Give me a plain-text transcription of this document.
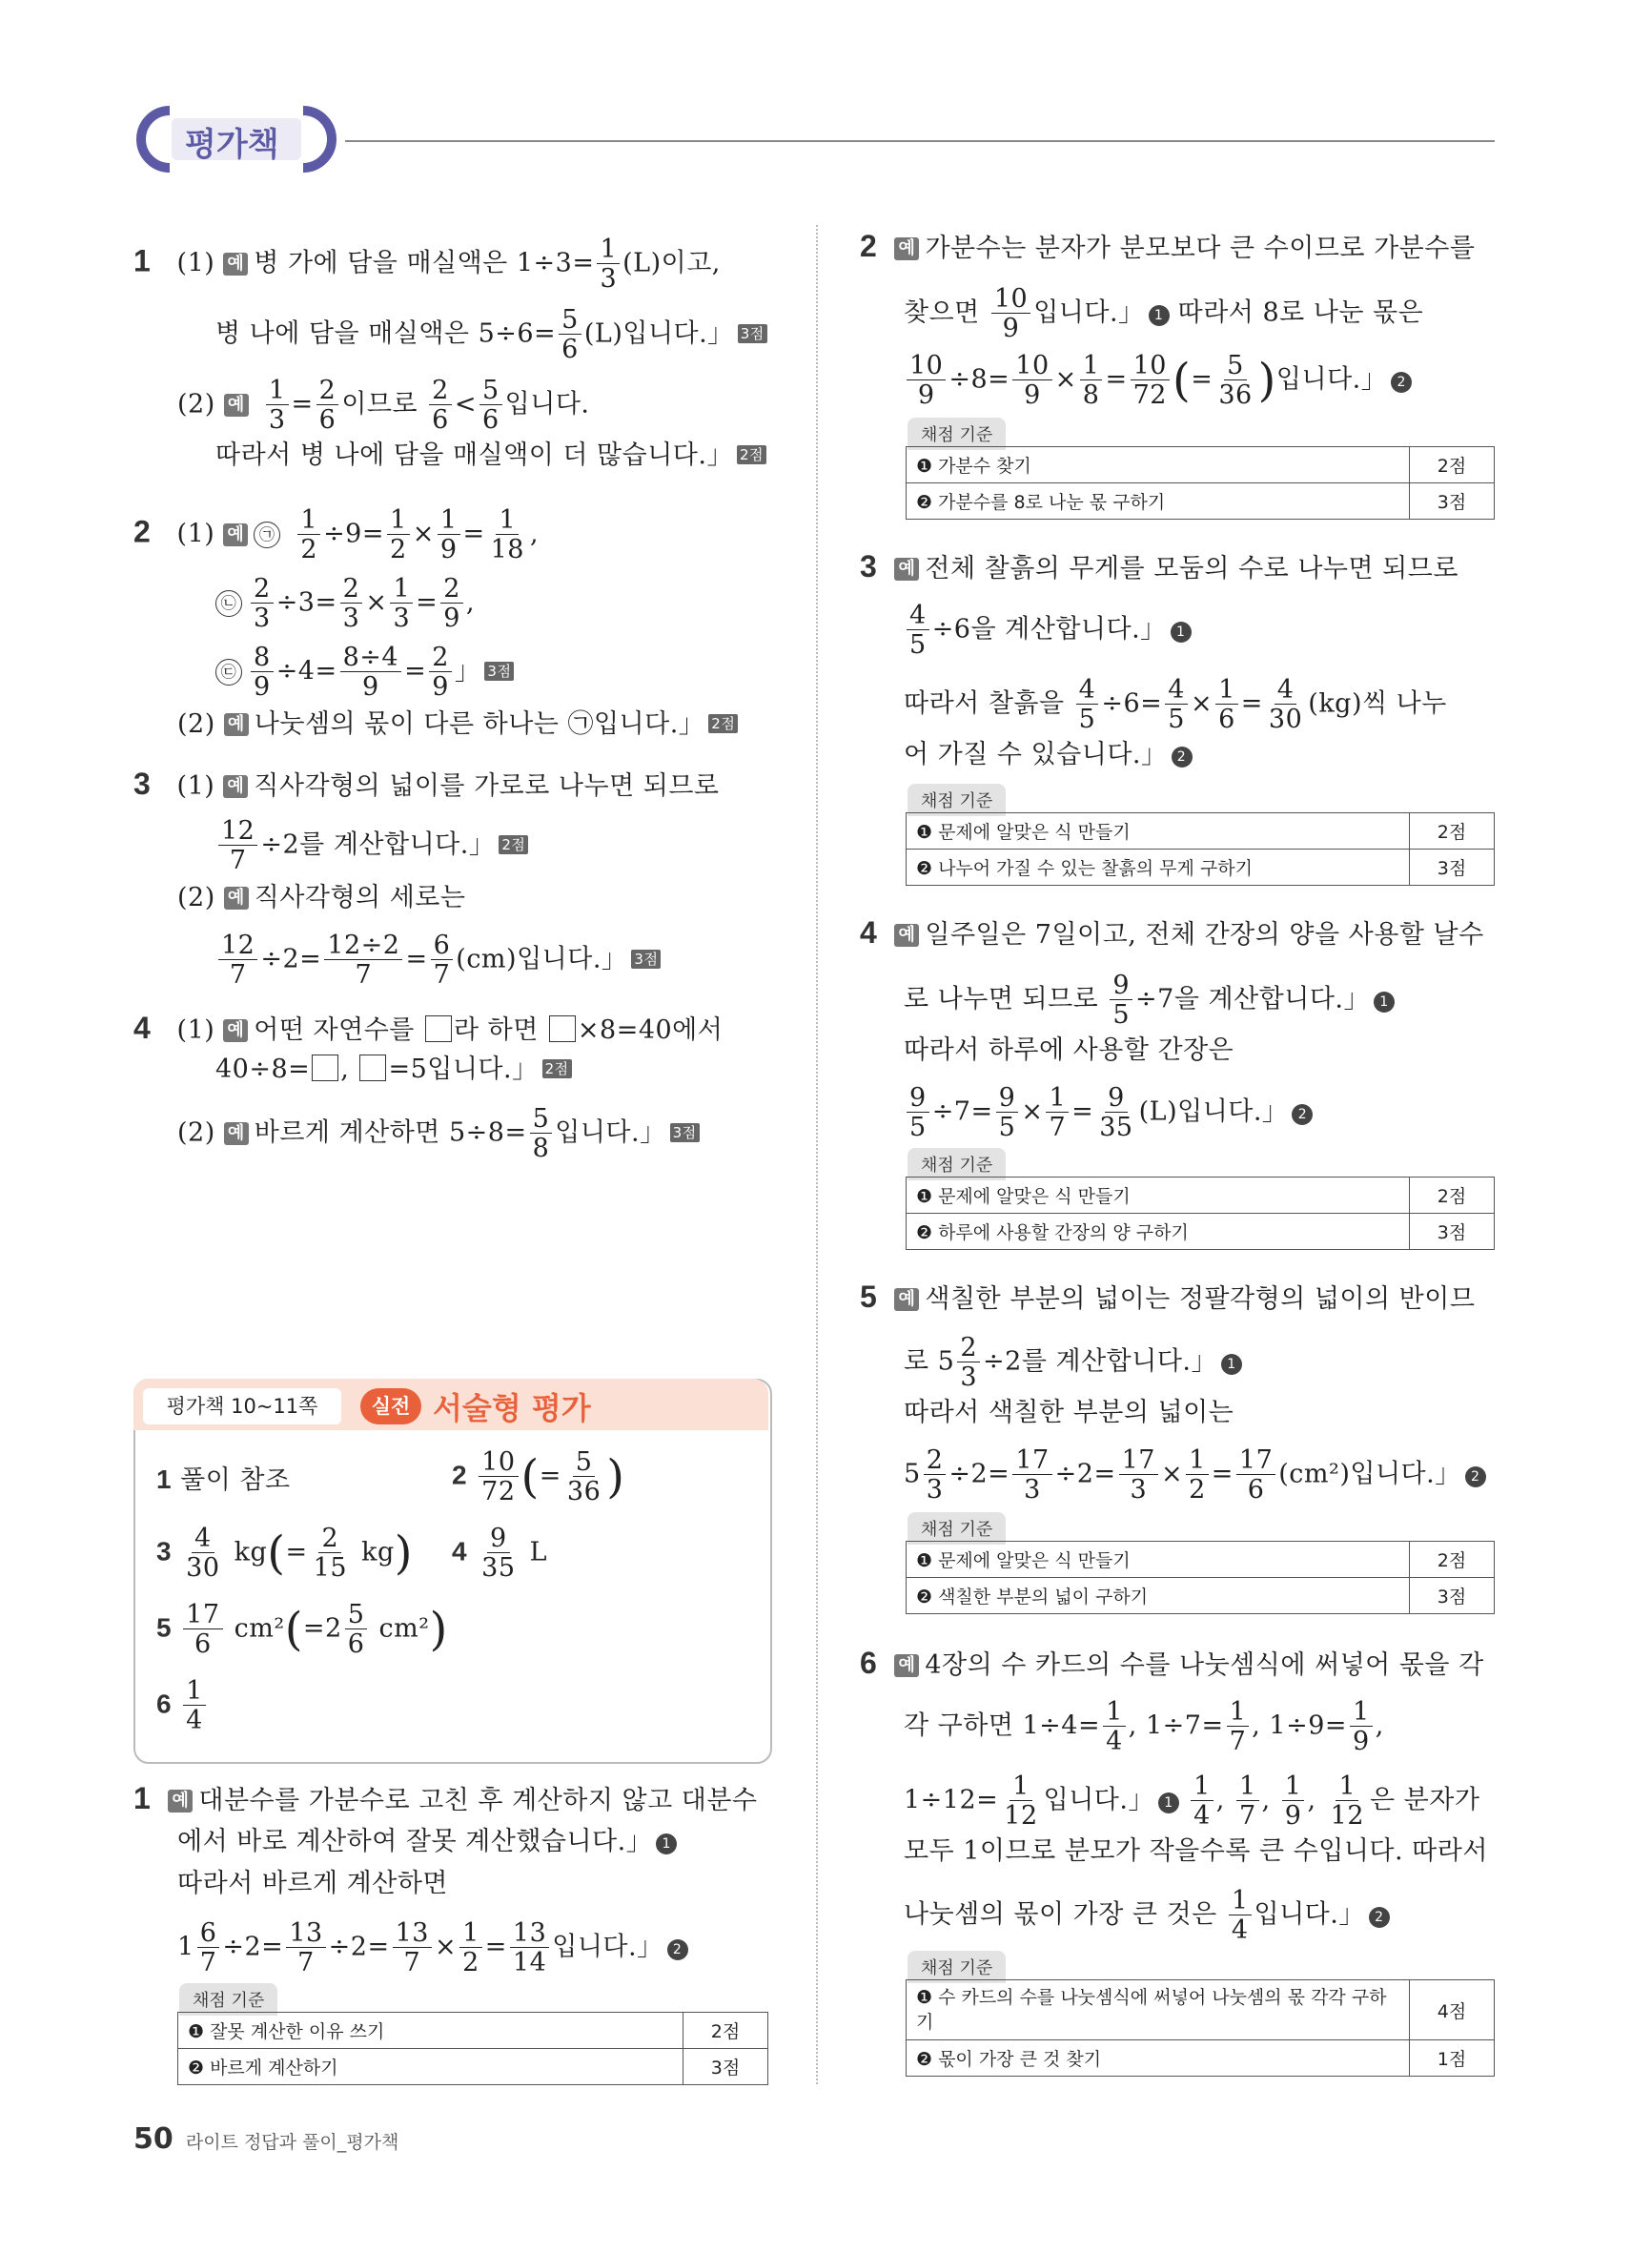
평가책
1 (1) 예 병 가에 담을 매실액은 $1\div 3= \frac{1}{3} (L)$이고,
병 나에 담을 매실액은 $5\div 6= \frac{5}{6} (L)$입니다.」 3점
(2) 예 $\frac{1}{3} = \frac{2}{6}$ 이므로 $\frac{2}{6} < \frac{5}{6}$ 입니다.
따라서 병 나에 담을 매실액이 더 많습니다.」 2점
2 (1) 예 ㉠ $\frac{1}{2} \div 9= \frac{1}{2} \times \frac{1}{9} = \frac{1}{18}$ ,
㉡ $\frac{2}{3} \div 3= \frac{2}{3} \times \frac{1}{3} = \frac{2}{9}$ ,
㉢ $\frac{8}{9} \div 4= \frac{8\div 4}{9} = \frac{2}{9}$ 」 3점
(2) 예 나눗셈의 몫이 다른 하나는 ㉠입니다.」 2점
3 (1) 예 직사각형의 넓이를 가로로 나누면 되므로
$\frac{12}{7} \div 2$를 계산합니다.」 2점
(2) 예 직사각형의 세로는
$\frac{12}{7} \div 2= \frac{12\div 2}{7} = \frac{6}{7} (cm)$입니다.」 3점
4 (1) 예 어떤 자연수를 라 하면 ×8=40에서
40÷8= , =5입니다.」 2점
(2) 예 바르게 계산하면 $5\div 8= \frac{5}{8}$ 입니다.」 3점
평가책 10~11쪽	실전 서술형 평가
1 풀이 참조	$2 \frac{10}{72}$ (= $\frac{5}{36}$ )
$3 \frac{4}{30} kg(= \frac{2}{15} kg)$ $4 \frac{9}{35}$ L
$5 \frac{17}{6} cm^2(=2 \frac{5}{6} cm^2)$
$6 \frac{1}{4}$
1 예 대분수를 가분수로 고친 후 계산하지 않고 대분수
에서 바로 계산하여 잘못 계산했습니다.」 1
따라서 바르게 계산하면
$1 \frac{6}{7} \div 2= \frac{13}{7} \div 2= \frac{13}{7} \times \frac{1}{2} = \frac{13}{14}$ 입니다.」 2
채점 기준
❶ 잘못 계산한 이유 쓰기	2점
❷ 바르게 계산하기	3점
2 예 가분수는 분자가 분모보다 큰 수이므로 가분수를
찾으면 $\frac{10}{9}$ 입니다.」 1 따라서 8로 나눈 몫은
$\frac{10}{9} \div 8= \frac{10}{9} \times \frac{1}{8} = \frac{10}{72}$ (= $\frac{5}{36}$ )입니다.」 2
채점 기준
❶ 가분수 찾기	2점
❷ 가분수를 8로 나눈 몫 구하기	3점
3 예 전체 찰흙의 무게를 모둠의 수로 나누면 되므로
$\frac{4}{5} \div 6$을 계산합니다.」 1
따라서 찰흙을 $\frac{4}{5} \div 6= \frac{4}{5} \times \frac{1}{6} = \frac{4}{30} (kg)$씩 나누
어 가질 수 있습니다.」 2
채점 기준
❶ 문제에 알맞은 식 만들기	2점
❷ 나누어 가질 수 있는 찰흙의 무게 구하기	3점
4 예 일주일은 7일이고, 전체 간장의 양을 사용할 날수
로 나누면 되므로 $\frac{9}{5} \div 7$을 계산합니다.」 1
따라서 하루에 사용할 간장은
$\frac{9}{5} \div 7= \frac{9}{5} \times \frac{1}{7} = \frac{9}{35} (L)$입니다.」 2
채점 기준
❶ 문제에 알맞은 식 만들기	2점
❷ 하루에 사용할 간장의 양 구하기	3점
5 예 색칠한 부분의 넓이는 정팔각형의 넓이의 반이므
로 $5 \frac{2}{3} \div 2$를 계산합니다.」 1
따라서 색칠한 부분의 넓이는
$5 \frac{2}{3} \div 2= \frac{17}{3} \div 2= \frac{17}{3} \times \frac{1}{2} = \frac{17}{6} (cm^2)$입니다.」 2
채점 기준
❶ 문제에 알맞은 식 만들기	2점
❷ 색칠한 부분의 넓이 구하기	3점
6 예 4장의 수 카드의 수를 나눗셈식에 써넣어 몫을 각
각 구하면 $1\div 4= \frac{1}{4}$ , $1\div 7= \frac{1}{7}$ , $1\div 9= \frac{1}{9}$ ,
$1\div 12= \frac{1}{12}$ 입니다.」 $1 \frac{1}{4}$ , $\frac{1}{7}$ , $\frac{1}{9}$ , $\frac{1}{12}$ 은 분자가
모두 1이므로 분모가 작을수록 큰 수입니다. 따라서
나눗셈의 몫이 가장 큰 것은 $\frac{1}{4}$ 입니다.」 2
채점 기준
❶ 수 카드의 수를 나눗셈식에 써넣어 나눗셈의 몫 각각 구하기	4점
❷ 몫이 가장 큰 것 찾기	1점
50 라이트 정답과 풀이_평가책
